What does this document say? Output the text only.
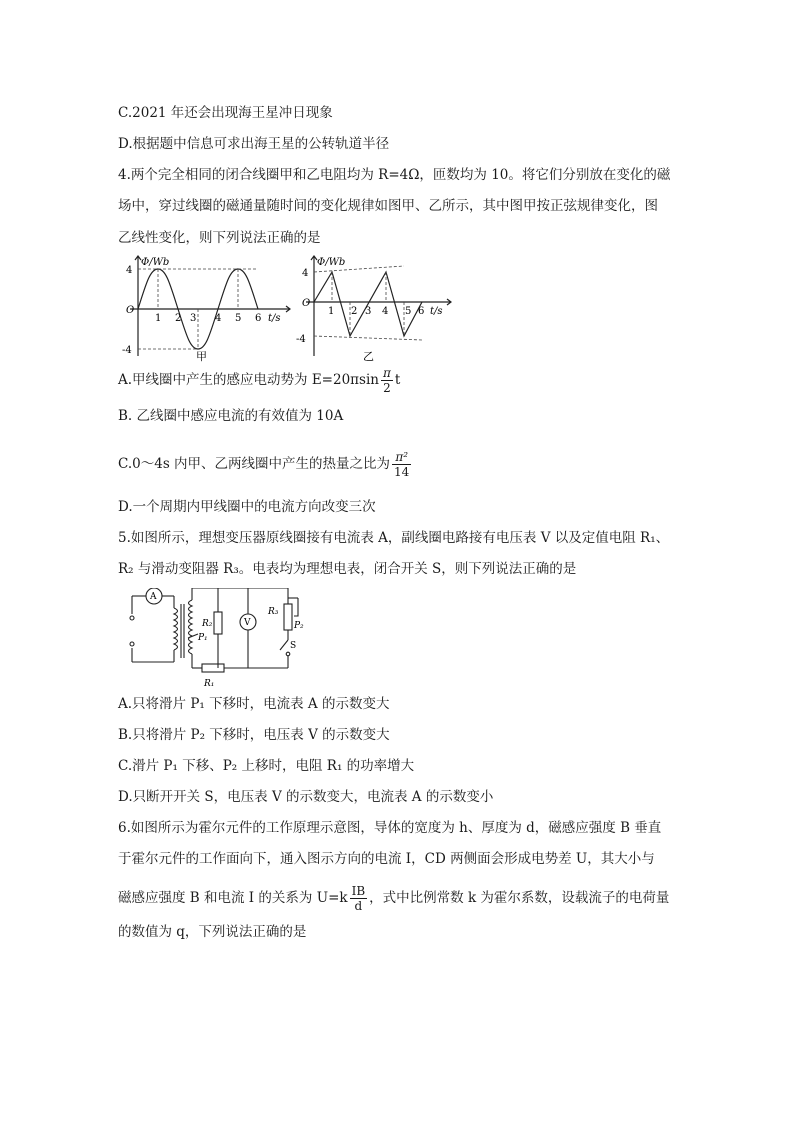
C.2021 年还会出现海王星冲日现象
D.根据题中信息可求出海王星的公转轨道半径
4.两个完全相同的闭合线圈甲和乙电阻均为 R=4Ω，匝数均为 10。将它们分别放在变化的磁
场中，穿过线圈的磁通量随时间的变化规律如图甲、乙所示，其中图甲按正弦规律变化，图
乙线性变化，则下列说法正确的是
Φ/Wb
4
-4
O
1 2 3 4 5 6 t/s
甲
Φ/Wb
4
-4
O
1 2 3 4 5 6 t/s
乙
A.甲线圈中产生的感应电动势为 $E=20\pi\sin \frac{\pi}{2}$ t
B. 乙线圈中感应电流的有效值为 10A
C.0～4s 内甲、乙两线圈中产生的热量之比为 $\frac{\text{π²}}{14}$
D.一个周期内甲线圈中的电流方向改变三次
5.如图所示，理想变压器原线圈接有电流表 A，副线圈电路接有电压表 V 以及定值电阻 R₁、
R₂ 与滑动变阻器 R₃。电表均为理想电表，闭合开关 S，则下列说法正确的是
A
V
P₁
R₁
R₂
R₃
P₂
S
A.只将滑片 P₁ 下移时，电流表 A 的示数变大
B.只将滑片 P₂ 下移时，电压表 V 的示数变大
C.滑片 P₁ 下移、P₂ 上移时，电阻 R₁ 的功率增大
D.只断开开关 S，电压表 V 的示数变大，电流表 A 的示数变小
6.如图所示为霍尔元件的工作原理示意图，导体的宽度为 h、厚度为 d，磁感应强度 B 垂直
于霍尔元件的工作面向下，通入图示方向的电流 I，CD 两侧面会形成电势差 U，其大小与
磁感应强度 B 和电流 I 的关系为 $U=k \frac{IB}{d}$ ，式中比例常数 k 为霍尔系数，设载流子的电荷量
的数值为 q，下列说法正确的是
